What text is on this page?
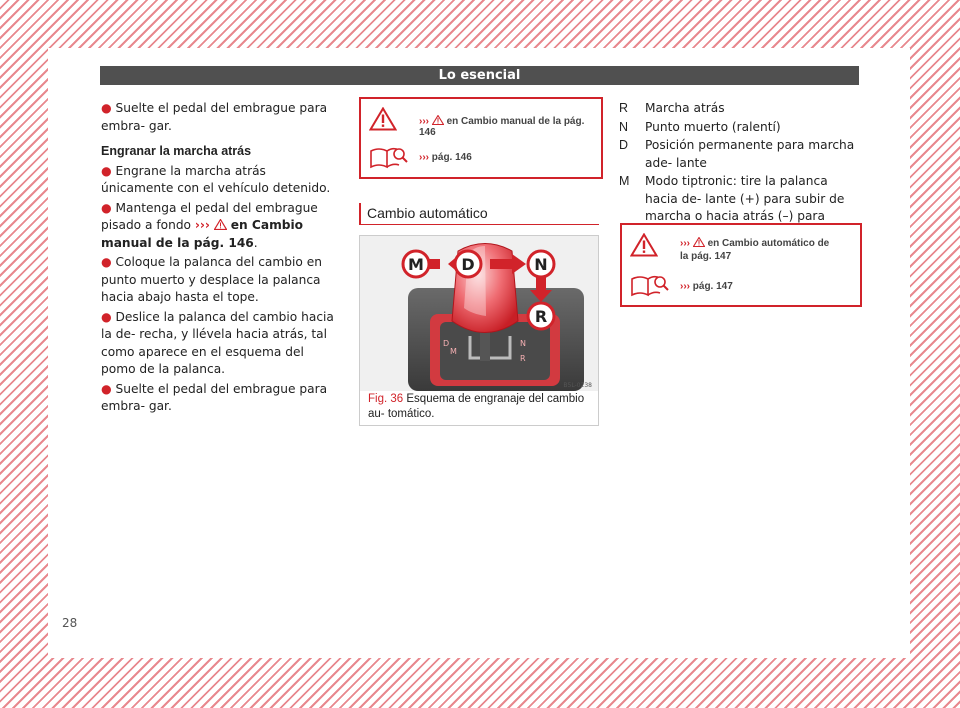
Lo esencial
● Suelte el pedal del embrague para embra- gar.
Engranar la marcha atrás
● Engrane la marcha atrás únicamente con el vehículo detenido.
● Mantenga el pedal del embrague pisado a fondo ››› en Cambio manual de la pág. 146.
● Coloque la palanca del cambio en punto muerto y desplace la palanca hacia abajo hasta el tope.
● Deslice la palanca del cambio hacia la de- recha, y llévela hacia atrás, tal como aparece en el esquema del pomo de la palanca.
● Suelte el pedal del embrague para embra- gar.
››› en Cambio manual de la pág. 146
››› pág. 146
Cambio automático
D
M
N
R
M D	N
R
B5L-0238
Fig. 36 Esquema de engranaje del cambio au- tomático.
R	Marcha atrás
N	Punto muerto (ralentí)
D	Posición permanente para marcha ade- lante
M	Modo tiptronic: tire la palanca hacia de- lante (+) para subir de marcha o hacia atrás (–) para
››› en Cambio automático de la pág. 147
››› pág. 147
28
